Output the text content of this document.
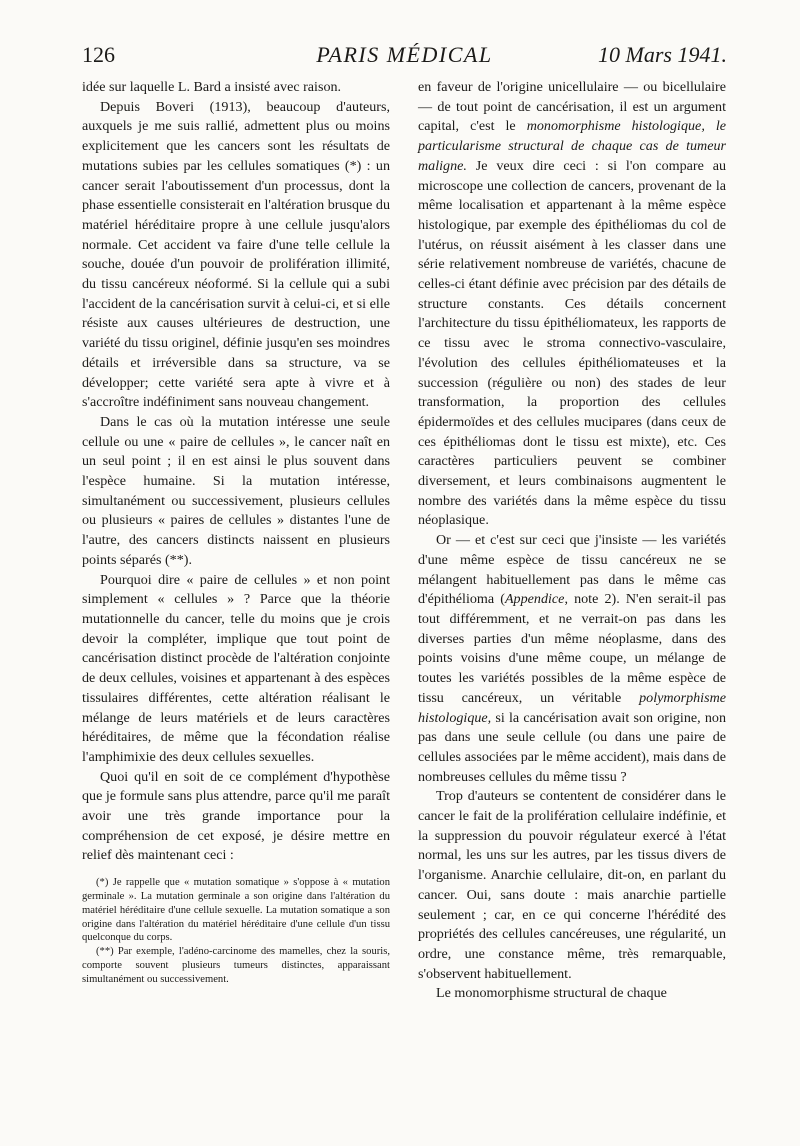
126	PARIS MÉDICAL	10 Mars 1941.

idée sur laquelle L. Bard a insisté avec raison.

Depuis Boveri (1913), beaucoup d'auteurs, auxquels je me suis rallié, admettent plus ou moins explicitement que les cancers sont les résultats de mutations subies par les cellules somatiques (*) : un cancer serait l'aboutissement d'un processus, dont la phase essentielle consisterait en l'altération brusque du matériel héréditaire propre à une cellule jusqu'alors normale. Cet accident va faire d'une telle cellule la souche, douée d'un pouvoir de prolifération illimité, du tissu cancéreux néoformé. Si la cellule qui a subi l'accident de la cancérisation survit à celui-ci, et si elle résiste aux causes ultérieures de destruction, une variété du tissu originel, définie jusqu'en ses moindres détails et irréversible dans sa structure, va se développer; cette variété sera apte à vivre et à s'accroître indéfiniment sans nouveau changement.

Dans le cas où la mutation intéresse une seule cellule ou une « paire de cellules », le cancer naît en un seul point ; il en est ainsi le plus souvent dans l'espèce humaine. Si la mutation intéresse, simultanément ou successivement, plusieurs cellules ou plusieurs « paires de cellules » distantes l'une de l'autre, des cancers distincts naissent en plusieurs points séparés (**).

Pourquoi dire « paire de cellules » et non point simplement « cellules » ? Parce que la théorie mutationnelle du cancer, telle du moins que je crois devoir la compléter, implique que tout point de cancérisation distinct procède de l'altération conjointe de deux cellules, voisines et appartenant à des espèces tissulaires différentes, cette altération réalisant le mélange de leurs matériels et de leurs caractères héréditaires, de même que la fécondation réalise l'amphimixie des deux cellules sexuelles.

Quoi qu'il en soit de ce complément d'hypothèse que je formule sans plus attendre, parce qu'il me paraît avoir une très grande importance pour la compréhension de cet exposé, je désire mettre en relief dès maintenant ceci :

(*) Je rappelle que « mutation somatique » s'oppose à « mutation germinale ». La mutation germinale a son origine dans l'altération du matériel héréditaire d'une cellule sexuelle. La mutation somatique a son origine dans l'altération du matériel héréditaire d'une cellule d'un tissu quelconque du corps.

(**) Par exemple, l'adéno-carcinome des mamelles, chez la souris, comporte souvent plusieurs tumeurs distinctes, apparaissant simultanément ou successivement.

en faveur de l'origine unicellulaire — ou bicellulaire — de tout point de cancérisation, il est un argument capital, c'est le monomorphisme histologique, le particularisme structural de chaque cas de tumeur maligne. Je veux dire ceci : si l'on compare au microscope une collection de cancers, provenant de la même localisation et appartenant à la même espèce histologique, par exemple des épithéliomas du col de l'utérus, on réussit aisément à les classer dans une série relativement nombreuse de variétés, chacune de celles-ci étant définie avec précision par des détails de structure constants. Ces détails concernent l'architecture du tissu épithéliomateux, les rapports de ce tissu avec le stroma connectivo-vasculaire, l'évolution des cellules épithéliomateuses et la succession (régulière ou non) des stades de leur transformation, la proportion des cellules épidermoïdes et des cellules mucipares (dans ceux de ces épithéliomas dont le tissu est mixte), etc. Ces caractères particuliers peuvent se combiner diversement, et leurs combinaisons augmentent le nombre des variétés dans la même espèce du tissu néoplasique.

Or — et c'est sur ceci que j'insiste — les variétés d'une même espèce de tissu cancéreux ne se mélangent habituellement pas dans le même cas d'épithélioma (Appendice, note 2). N'en serait-il pas tout différemment, et ne verrait-on pas dans les diverses parties d'un même néoplasme, dans des points voisins d'une même coupe, un mélange de toutes les variétés possibles de la même espèce de tissu cancéreux, un véritable polymorphisme histologique, si la cancérisation avait son origine, non pas dans une seule cellule (ou dans une paire de cellules associées par le même accident), mais dans de nombreuses cellules du même tissu ?

Trop d'auteurs se contentent de considérer dans le cancer le fait de la prolifération cellulaire indéfinie, et la suppression du pouvoir régulateur exercé à l'état normal, les uns sur les autres, par les tissus divers de l'organisme. Anarchie cellulaire, dit-on, en parlant du cancer. Oui, sans doute : mais anarchie partielle seulement ; car, en ce qui concerne l'hérédité des propriétés des cellules cancéreuses, une régularité, un ordre, une constance même, très remarquable, s'observent habituellement.

Le monomorphisme structural de chaque
